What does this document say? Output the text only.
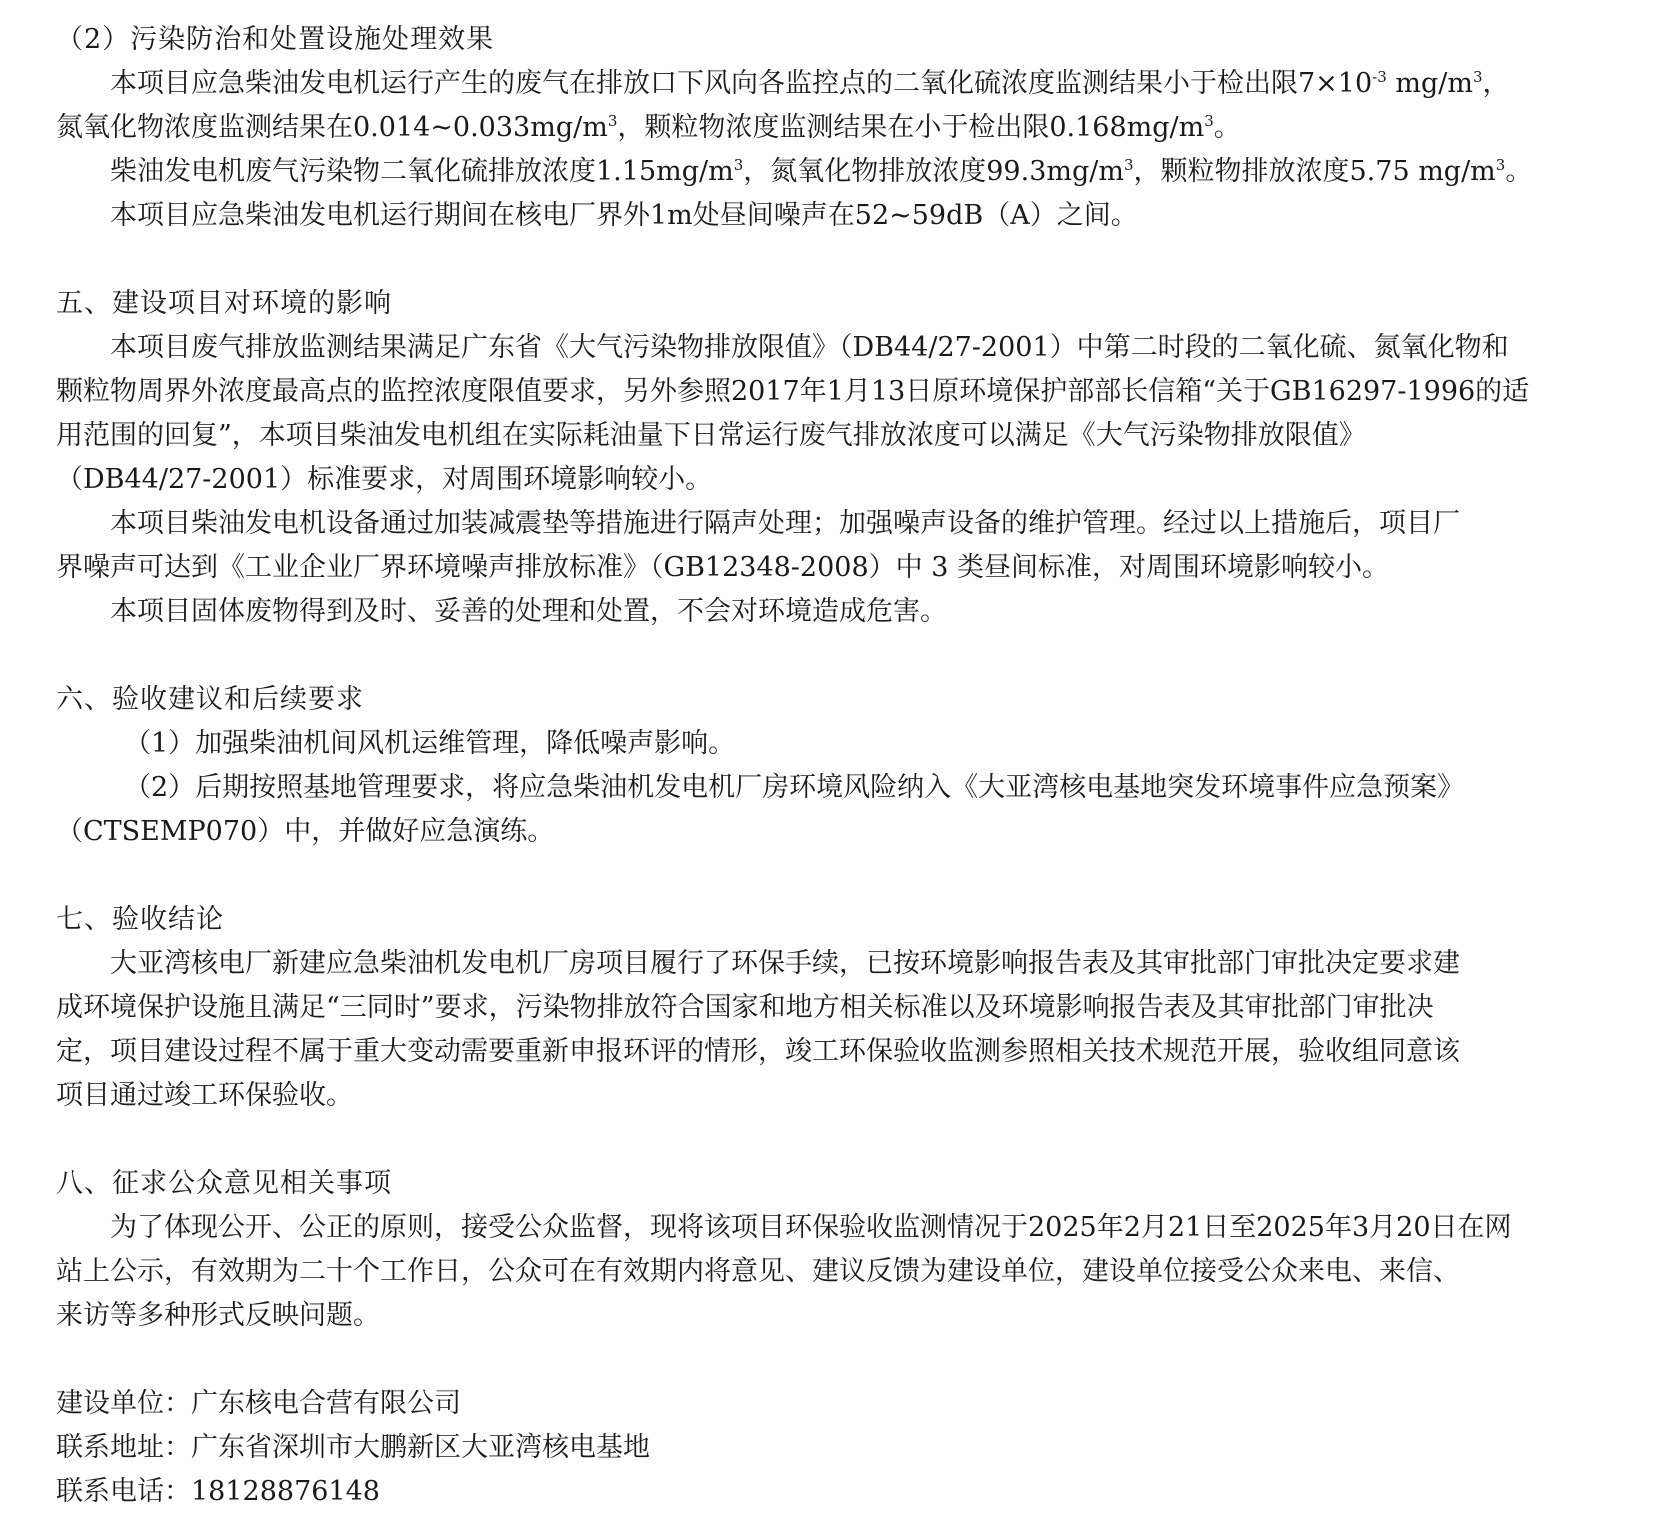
（2）污染防治和处置设施处理效果
本项目应急柴油发电机运行产生的废气在排放口下风向各监控点的二氧化硫浓度监测结果小于检出限$7\times 10^{-3}$ $mg/m^3$，
氮氧化物浓度监测结果在$0.014\sim 0.033mg/m^3$，颗粒物浓度监测结果在小于检出限$0.168mg/m^3$。
柴油发电机废气污染物二氧化硫排放浓度$1.15mg/m^3$，氮氧化物排放浓度$99.3mg/m^3$，颗粒物排放浓度5.75 $mg/m^3$。
本项目应急柴油发电机运行期间在核电厂界外1m处昼间噪声在52~59dB（A）之间。
五、建设项目对环境的影响
本项目废气排放监测结果满足广东省《大气污染物排放限值》（DB44/27-2001）中第二时段的二氧化硫、氮氧化物和
颗粒物周界外浓度最高点的监控浓度限值要求，另外参照2017年1月13日原环境保护部部长信箱“关于GB16297-1996的适
用范围的回复”，本项目柴油发电机组在实际耗油量下日常运行废气排放浓度可以满足《大气污染物排放限值》
（DB44/27-2001）标准要求，对周围环境影响较小。
本项目柴油发电机设备通过加装减震垫等措施进行隔声处理；加强噪声设备的维护管理。经过以上措施后，项目厂
界噪声可达到《工业企业厂界环境噪声排放标准》（GB12348-2008）中 3 类昼间标准，对周围环境影响较小。
本项目固体废物得到及时、妥善的处理和处置，不会对环境造成危害。
六、验收建议和后续要求
（1）加强柴油机间风机运维管理，降低噪声影响。
（2）后期按照基地管理要求，将应急柴油机发电机厂房环境风险纳入《大亚湾核电基地突发环境事件应急预案》
（CTSEMP070）中，并做好应急演练。
七、验收结论
大亚湾核电厂新建应急柴油机发电机厂房项目履行了环保手续，已按环境影响报告表及其审批部门审批决定要求建
成环境保护设施且满足“三同时”要求，污染物排放符合国家和地方相关标准以及环境影响报告表及其审批部门审批决
定，项目建设过程不属于重大变动需要重新申报环评的情形，竣工环保验收监测参照相关技术规范开展，验收组同意该
项目通过竣工环保验收。
八、征求公众意见相关事项
为了体现公开、公正的原则，接受公众监督，现将该项目环保验收监测情况于2025年2月21日至2025年3月20日在网
站上公示，有效期为二十个工作日，公众可在有效期内将意见、建议反馈为建设单位，建设单位接受公众来电、来信、
来访等多种形式反映问题。
建设单位：广东核电合营有限公司
联系地址：广东省深圳市大鹏新区大亚湾核电基地
联系电话：18128876148
